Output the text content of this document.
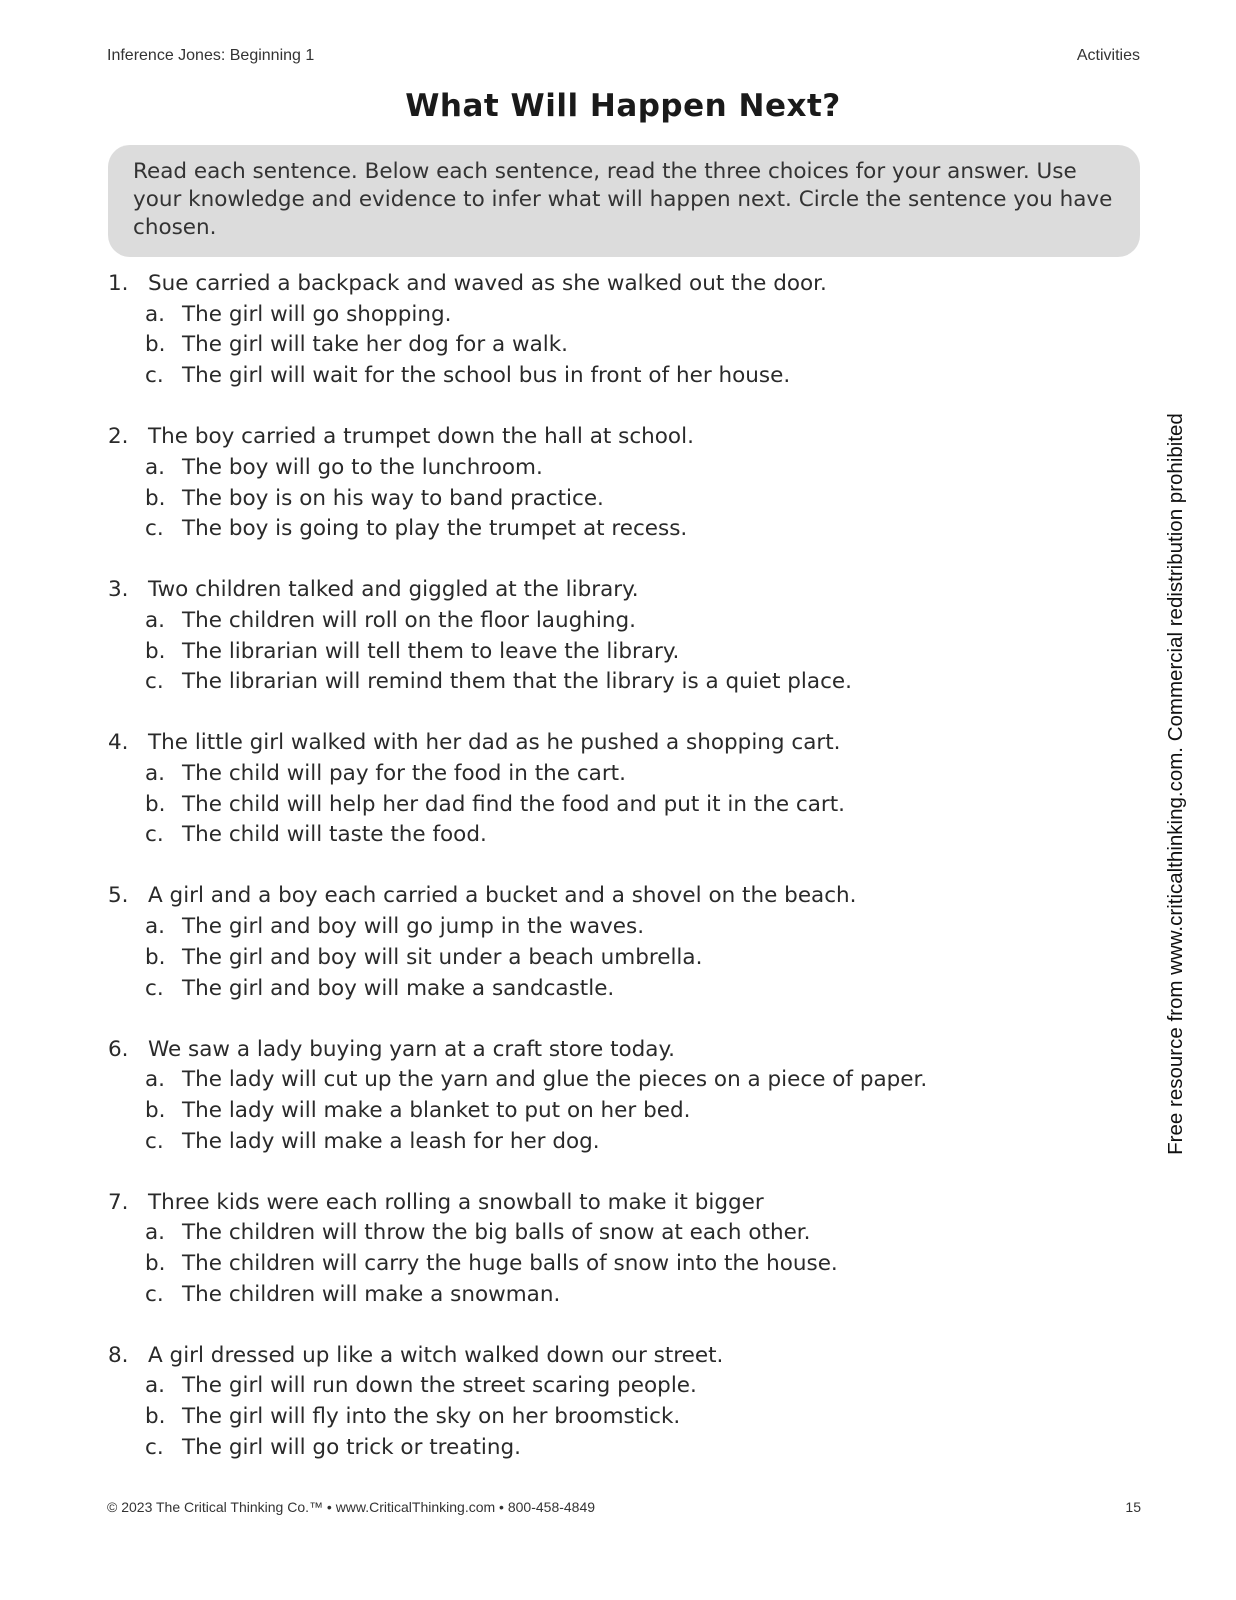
Inference Jones: Beginning 1	Activities
What Will Happen Next?
Read each sentence. Below each sentence, read the three choices for your answer. Use your knowledge and evidence to infer what will happen next. Circle the sentence you have chosen.
1. Sue carried a backpack and waved as she walked out the door.
a. The girl will go shopping.
b. The girl will take her dog for a walk.
c. The girl will wait for the school bus in front of her house.
2. The boy carried a trumpet down the hall at school.
a. The boy will go to the lunchroom.
b. The boy is on his way to band practice.
c. The boy is going to play the trumpet at recess.
3. Two children talked and giggled at the library.
a. The children will roll on the floor laughing.
b. The librarian will tell them to leave the library.
c. The librarian will remind them that the library is a quiet place.
4. The little girl walked with her dad as he pushed a shopping cart.
a. The child will pay for the food in the cart.
b. The child will help her dad find the food and put it in the cart.
c. The child will taste the food.
5. A girl and a boy each carried a bucket and a shovel on the beach.
a. The girl and boy will go jump in the waves.
b. The girl and boy will sit under a beach umbrella.
c. The girl and boy will make a sandcastle.
6. We saw a lady buying yarn at a craft store today.
a. The lady will cut up the yarn and glue the pieces on a piece of paper.
b. The lady will make a blanket to put on her bed.
c. The lady will make a leash for her dog.
7. Three kids were each rolling a snowball to make it bigger
a. The children will throw the big balls of snow at each other.
b. The children will carry the huge balls of snow into the house.
c. The children will make a snowman.
8. A girl dressed up like a witch walked down our street.
a. The girl will run down the street scaring people.
b. The girl will fly into the sky on her broomstick.
c. The girl will go trick or treating.
Free resource from www.criticalthinking.com. Commercial redistribution prohibited
© 2023 The Critical Thinking Co.™ • www.CriticalThinking.com • 800-458-4849	15
